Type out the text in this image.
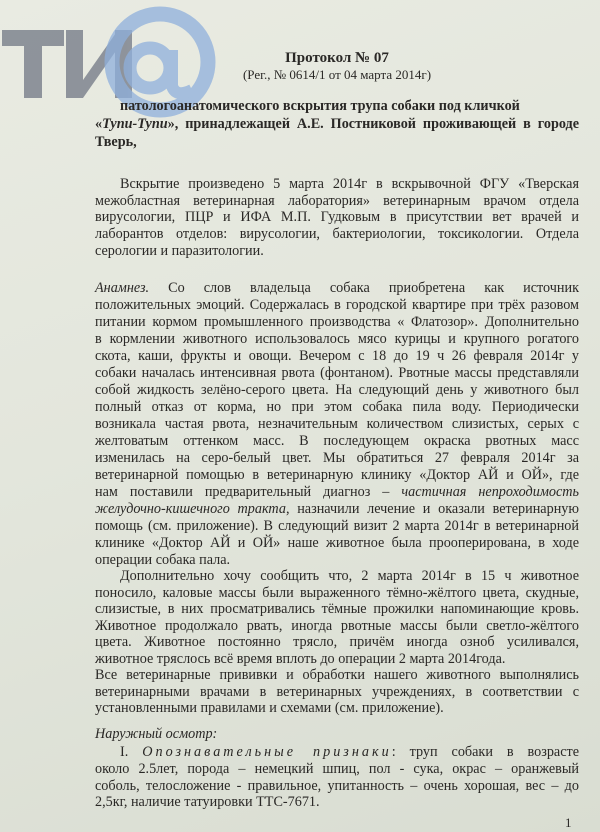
Протокол № 07
(Рег., № 0614/1 от 04 марта 2014г)
патологоанатомического вскрытия трупа собаки под кличкой
«Тупи-Тупи», принадлежащей А.Е. Постниковой проживающей в городе
Тверь,
Вскрытие произведено 5 марта 2014г в вскрывочной ФГУ «Тверская
межобластная ветеринарная лаборатория» ветеринарным врачом отдела
вирусологии, ПЦР и ИФА М.П. Гудковым в присутствии вет врачей и
лаборантов отделов: вирусологии, бактериологии, токсикологии. Отдела
серологии и паразитологии.
Анамнез. Со слов владельца собака приобретена как источник
положительных эмоций. Содержалась в городской квартире при трёх разовом
питании кормом промышленного производства « Флатозор». Дополнительно
в кормлении животного использовалось мясо курицы и крупного рогатого
скота, каши, фрукты и овощи. Вечером с 18 до 19 ч 26 февраля 2014г у
собаки началась интенсивная рвота (фонтаном). Рвотные массы представляли
собой жидкость зелёно-серого цвета. На следующий день у животного был
полный отказ от корма, но при этом собака пила воду. Периодически
возникала частая рвота, незначительным количеством слизистых, серых с
желтоватым оттенком масс. В последующем окраска рвотных масс
изменилась на серо-белый цвет. Мы обратиться 27 февраля 2014г за
ветеринарной помощью в ветеринарную клинику «Доктор АЙ и ОЙ», где
нам поставили предварительный диагноз – частичная непроходимость
желудочно-кишечного тракта, назначили лечение и оказали ветеринарную
помощь (см. приложение). В следующий визит 2 марта 2014г в ветеринарной
клинике «Доктор АЙ и ОЙ» наше животное была прооперирована, в ходе
операции собака пала.
Дополнительно хочу сообщить что, 2 марта 2014г в 15 ч животное
поносило, каловые массы были выраженного тёмно-жёлтого цвета, скудные,
слизистые, в них просматривались тёмные прожилки напоминающие кровь.
Животное продолжало рвать, иногда рвотные массы были светло-жёлтого
цвета. Животное постоянно трясло, причём иногда озноб усиливался,
животное тряслось всё время вплоть до операции 2 марта 2014года.
Все ветеринарные прививки и обработки нашего животного выполнялись
ветеринарными врачами в ветеринарных учреждениях, в соответствии с
установленными правилами и схемами (см. приложение).
Наружный осмотр:
I. Опознавательные признаки: труп собаки в возрасте
около 2.5лет, порода – немецкий шпиц, пол - сука, окрас – оранжевый
соболь, телосложение - правильное, упитанность – очень хорошая, вес – до
2,5кг, наличие татуировки ТТС-7671.
1
